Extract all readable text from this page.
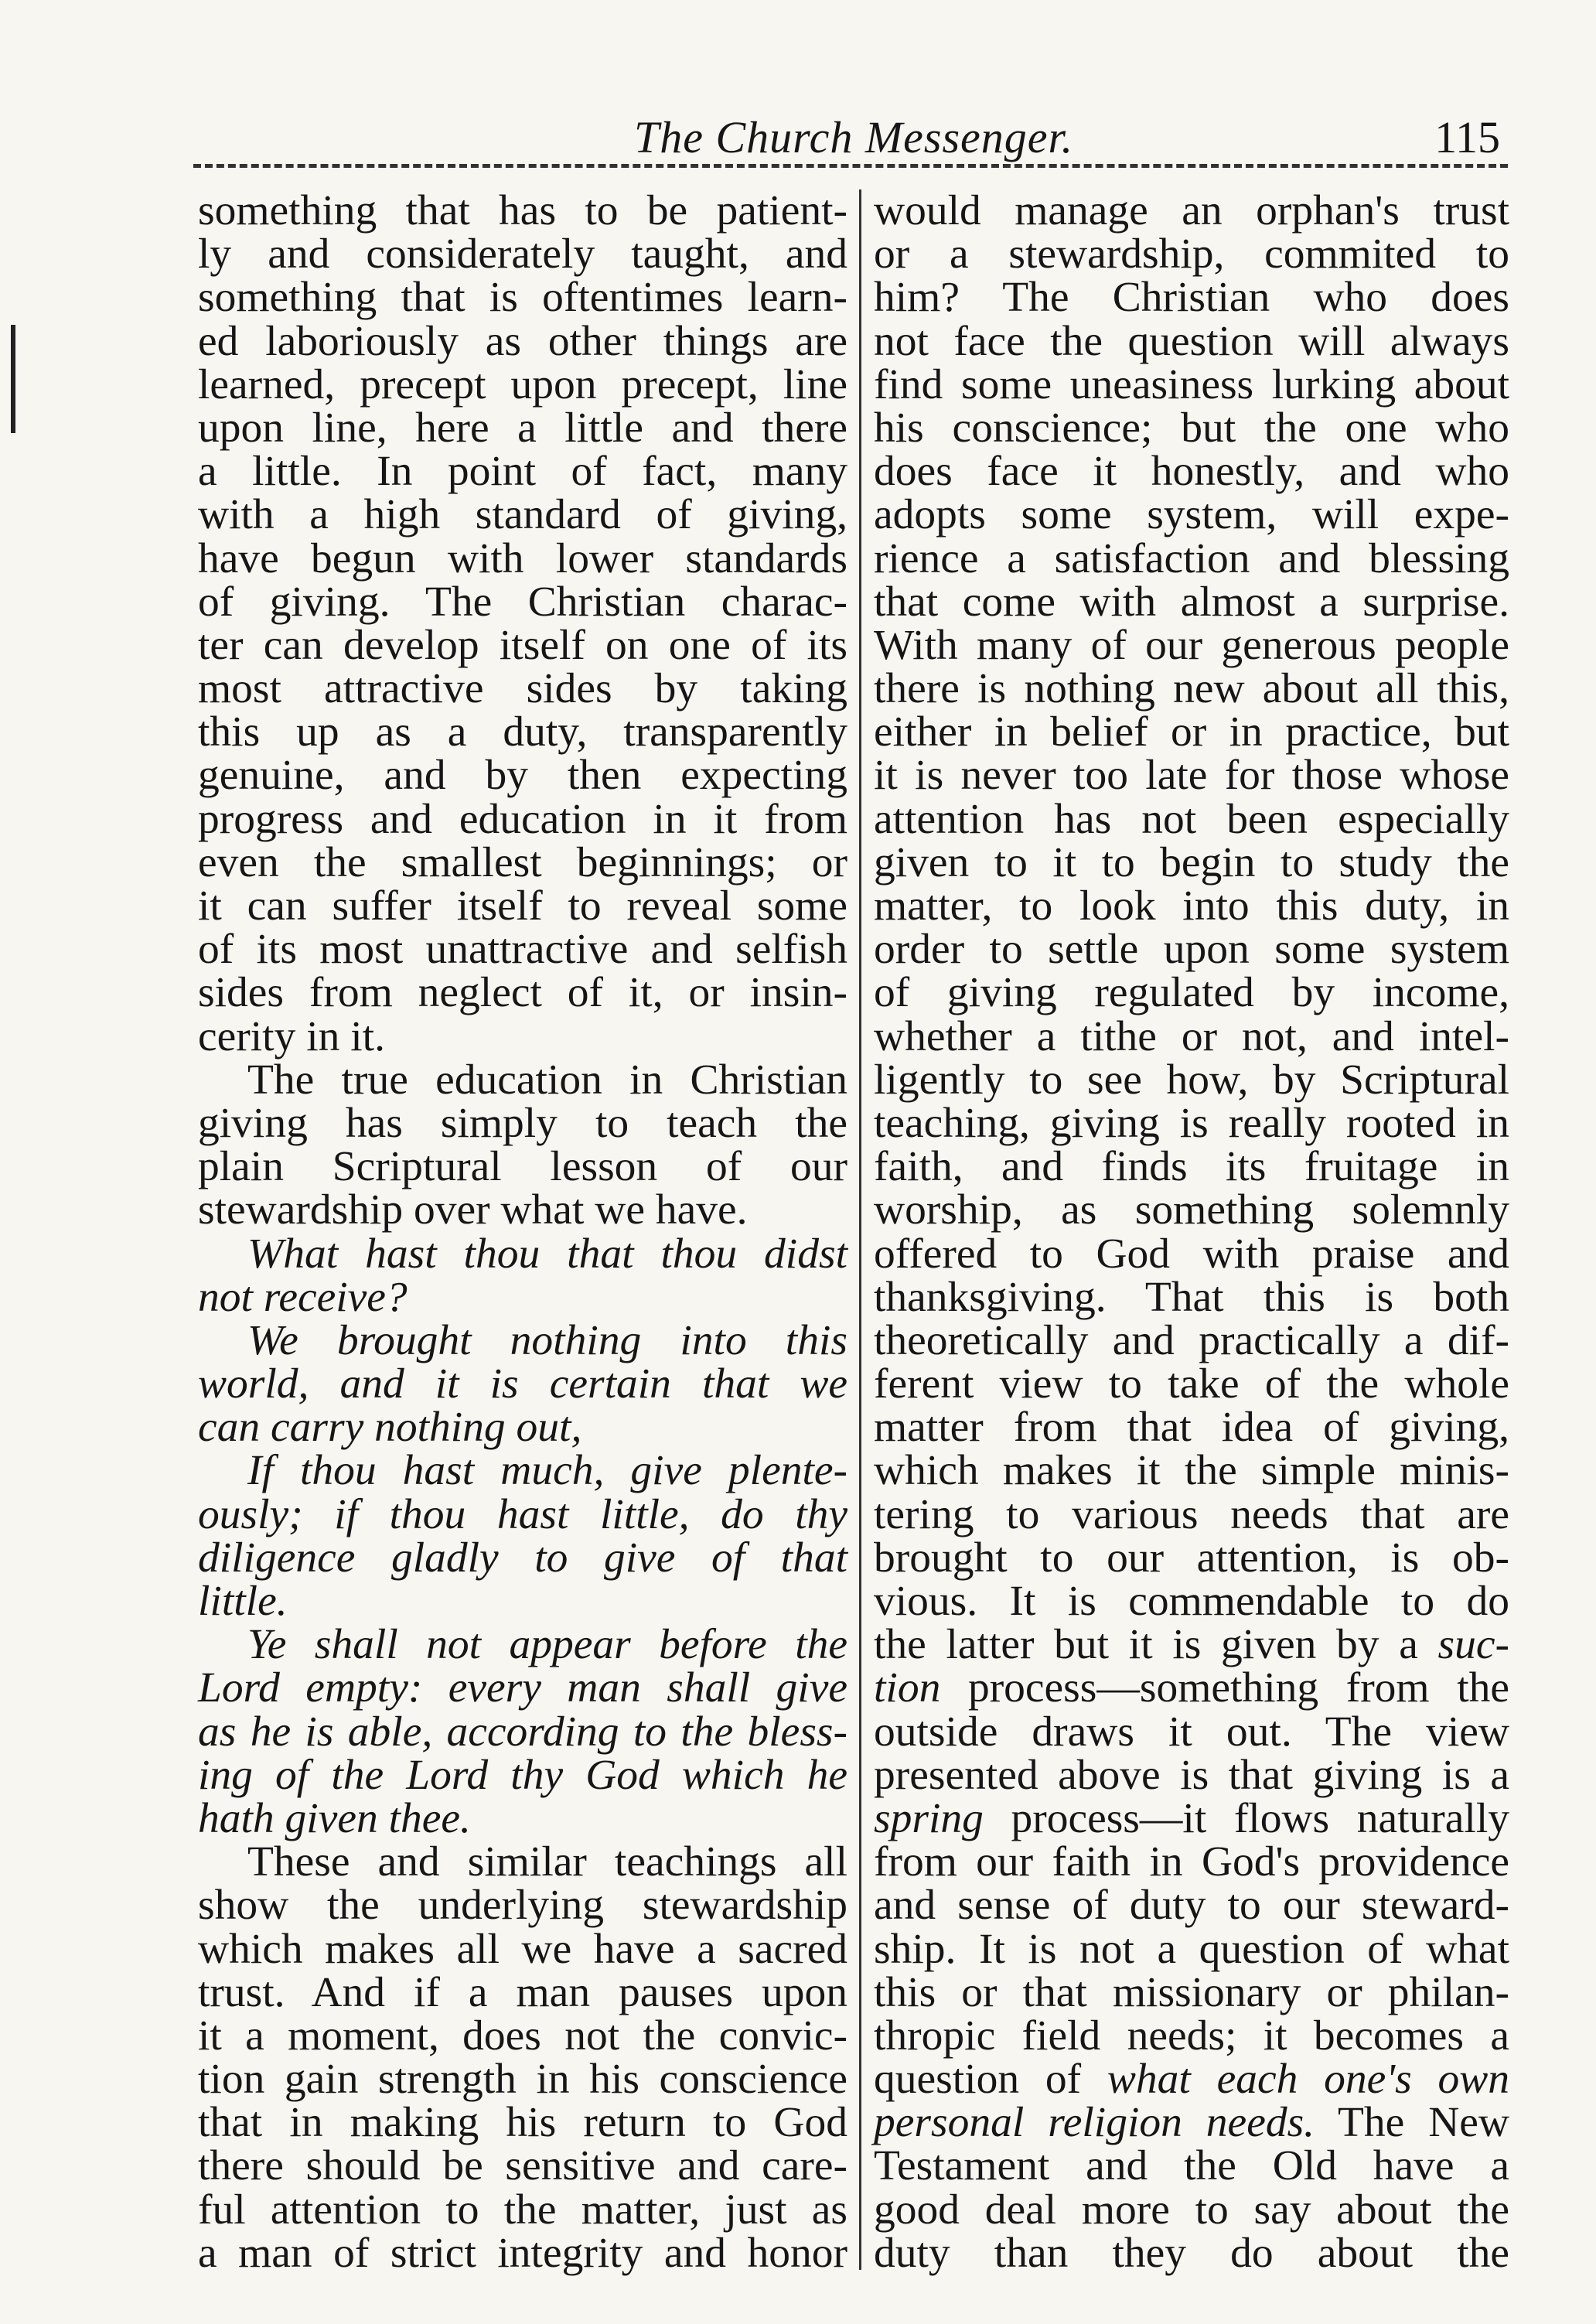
The Church Messenger.	115
something that has to be patient-
ly and considerately taught, and
something that is oftentimes learn-
ed laboriously as other things are
learned, precept upon precept, line
upon line, here a little and there
a little. In point of fact, many
with a high standard of giving,
have begun with lower standards
of giving. The Christian charac-
ter can develop itself on one of its
most attractive sides by taking
this up as a duty, transparently
genuine, and by then expecting
progress and education in it from
even the smallest beginnings; or
it can suffer itself to reveal some
of its most unattractive and selfish
sides from neglect of it, or insin-
cerity in it.
The true education in Christian
giving has simply to teach the
plain Scriptural lesson of our
stewardship over what we have.
What hast thou that thou didst
not receive?
We brought nothing into this
world, and it is certain that we
can carry nothing out,
If thou hast much, give plente-
ously; if thou hast little, do thy
diligence gladly to give of that
little.
Ye shall not appear before the
Lord empty: every man shall give
as he is able, according to the bless-
ing of the Lord thy God which he
hath given thee.
These and similar teachings all
show the underlying stewardship
which makes all we have a sacred
trust. And if a man pauses upon
it a moment, does not the convic-
tion gain strength in his conscience
that in making his return to God
there should be sensitive and care-
ful attention to the matter, just as
a man of strict integrity and honor
would manage an orphan's trust
or a stewardship, commited to
him? The Christian who does
not face the question will always
find some uneasiness lurking about
his conscience; but the one who
does face it honestly, and who
adopts some system, will expe-
rience a satisfaction and blessing
that come with almost a surprise.
With many of our generous people
there is nothing new about all this,
either in belief or in practice, but
it is never too late for those whose
attention has not been especially
given to it to begin to study the
matter, to look into this duty, in
order to settle upon some system
of giving regulated by income,
whether a tithe or not, and intel-
ligently to see how, by Scriptural
teaching, giving is really rooted in
faith, and finds its fruitage in
worship, as something solemnly
offered to God with praise and
thanksgiving. That this is both
theoretically and practically a dif-
ferent view to take of the whole
matter from that idea of giving,
which makes it the simple minis-
tering to various needs that are
brought to our attention, is ob-
vious. It is commendable to do
the latter but it is given by a suc-
tion process—something from the
outside draws it out. The view
presented above is that giving is a
spring process—it flows naturally
from our faith in God's providence
and sense of duty to our steward-
ship. It is not a question of what
this or that missionary or philan-
thropic field needs; it becomes a
question of what each one's own
personal religion needs. The New
Testament and the Old have a
good deal more to say about the
duty than they do about the
